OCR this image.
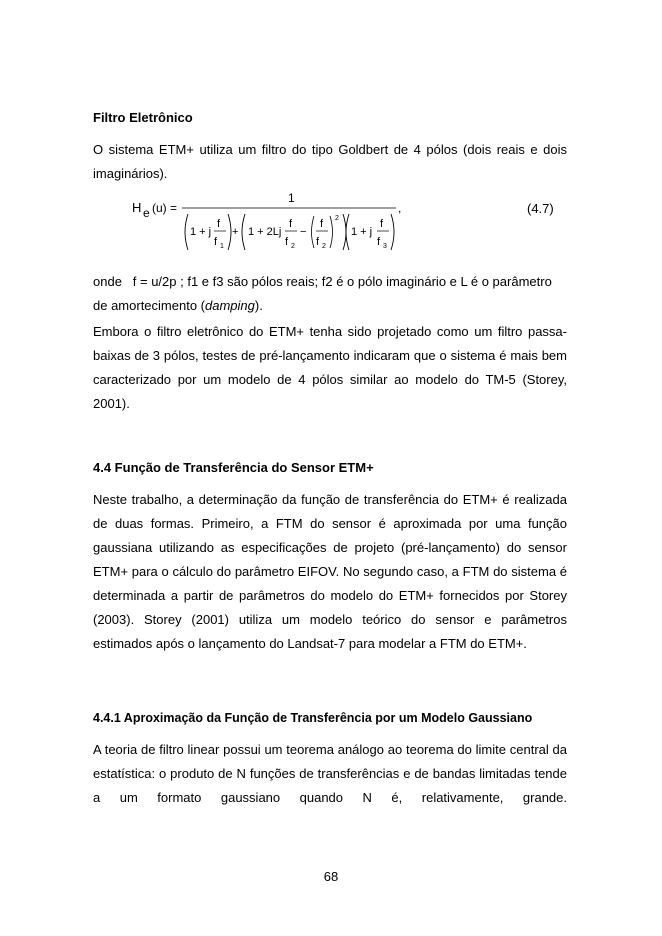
Filtro Eletrônico

O sistema ETM+ utiliza um filtro do tipo Goldbert de 4 pólos (dois reais e dois imaginários).

H e (u) =
1
,
1 + j
f
f 1
+ 1 + 2Lj
f
f 2
−
f
f 2
2
1 + j
f
f 3
(4.7)

onde f = u/2p ; f1 e f3 são pólos reais; f2 é o pólo imaginário e L é o parâmetro
de amortecimento (damping).

Embora o filtro eletrônico do ETM+ tenha sido projetado como um filtro passa-baixas de 3 pólos, testes de pré-lançamento indicaram que o sistema é mais bem caracterizado por um modelo de 4 pólos similar ao modelo do TM-5 (Storey, 2001).

4.4 Função de Transferência do Sensor ETM+

Neste trabalho, a determinação da função de transferência do ETM+ é realizada de duas formas. Primeiro, a FTM do sensor é aproximada por uma função gaussiana utilizando as especificações de projeto (pré-lançamento) do sensor ETM+ para o cálculo do parâmetro EIFOV. No segundo caso, a FTM do sistema é determinada a partir de parâmetros do modelo do ETM+ fornecidos por Storey (2003). Storey (2001) utiliza um modelo teórico do sensor e parâmetros estimados após o lançamento do Landsat-7 para modelar a FTM do ETM+.

4.4.1 Aproximação da Função de Transferência por um Modelo Gaussiano

A teoria de filtro linear possui um teorema análogo ao teorema do limite central da estatística: o produto de N funções de transferências e de bandas limitadas tende a um formato gaussiano quando N é, relativamente, grande.

68
